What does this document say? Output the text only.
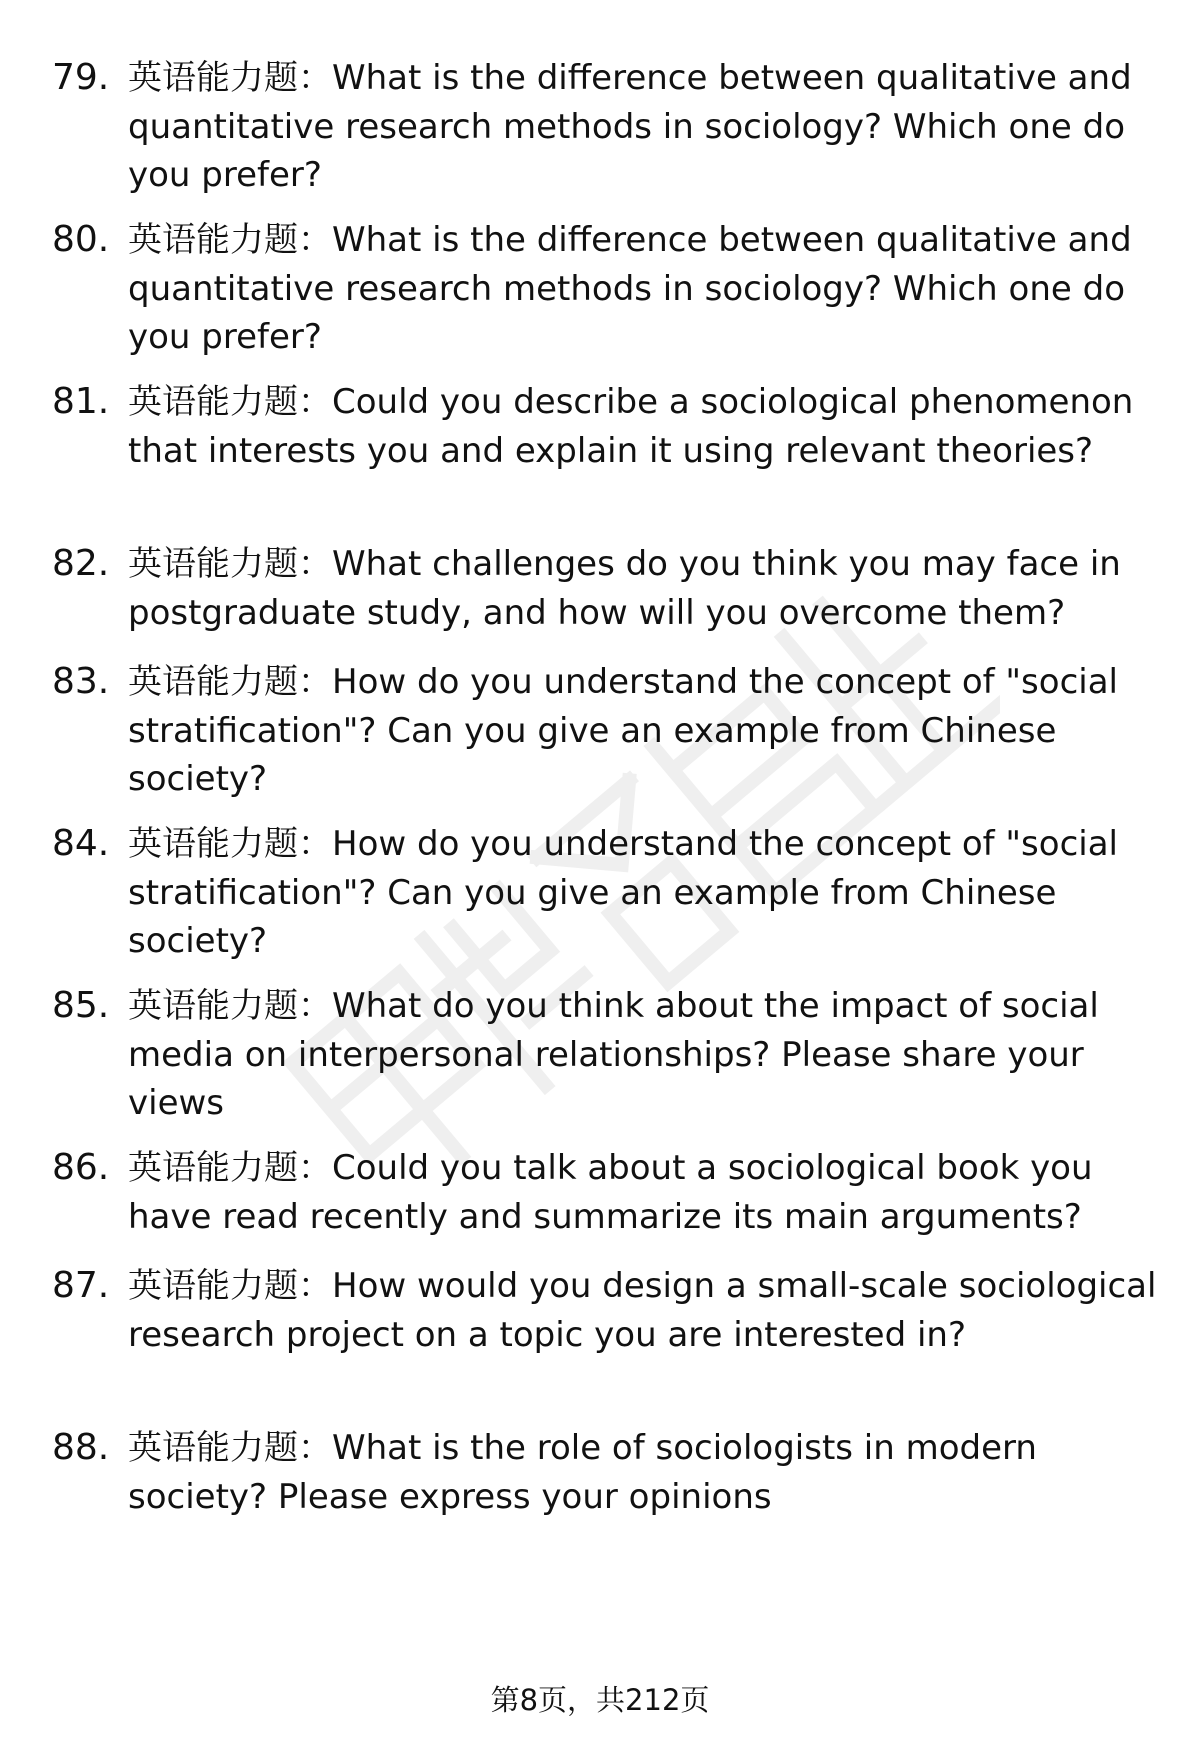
79. 英语能力题：What is the difference between qualitative and quantitative research methods in sociology? Which one do you prefer?
80. 英语能力题：What is the difference between qualitative and quantitative research methods in sociology? Which one do you prefer?
81. 英语能力题：Could you describe a sociological phenomenon that interests you and explain it using relevant theories?
82. 英语能力题：What challenges do you think you may face in postgraduate study, and how will you overcome them?
83. 英语能力题：How do you understand the concept of "social stratification"? Can you give an example from Chinese society?
84. 英语能力题：How do you understand the concept of "social stratification"? Can you give an example from Chinese society?
85. 英语能力题：What do you think about the impact of social media on interpersonal relationships? Please share your views
86. 英语能力题：Could you talk about a sociological book you have read recently and summarize its main arguments?
87. 英语能力题：How would you design a small-scale sociological research project on a topic you are interested in?
88. 英语能力题：What is the role of sociologists in modern society? Please express your opinions
第8页，共212页
